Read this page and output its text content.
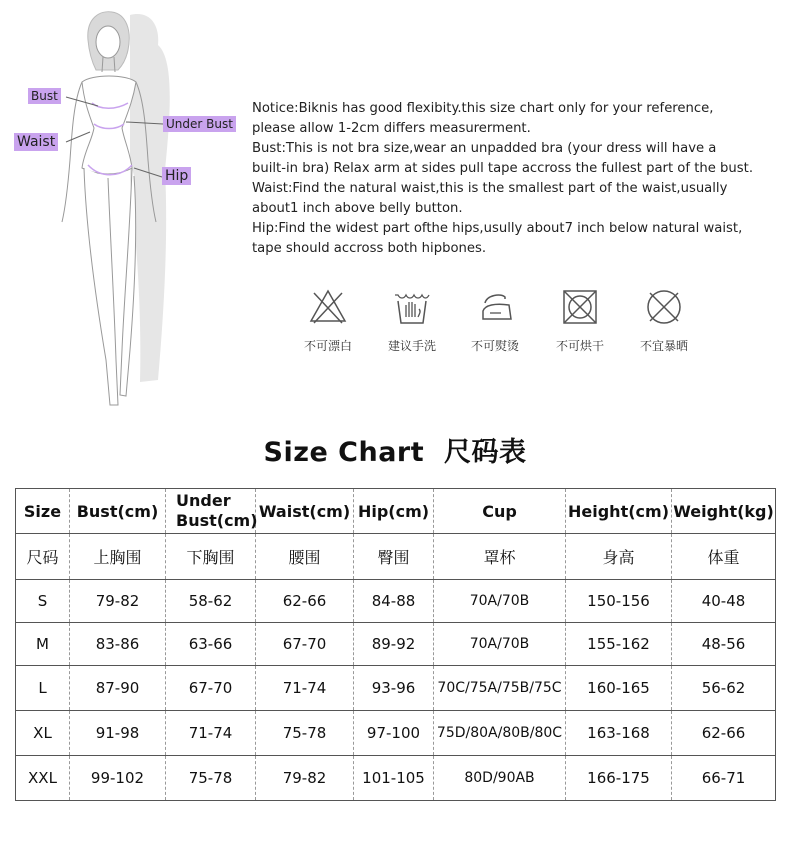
Bust
Waist
Under Bust
Hip

Notice:Biknis has good flexibity.this size chart only for your reference,

please allow 1-2cm differs measurerment.

Bust:This is not bra size,wear an unpadded bra (your dress will have a

built-in bra) Relax arm at sides pull tape accross the fullest part of the bust.

Waist:Find the natural waist,this is the smallest part of the waist,usually

about1 inch above belly button.

Hip:Find the widest part ofthe hips,usully about7 inch below natural waist,

tape should accross both hipbones.

不可漂白	建议手洗	不可熨烫	不可烘干	不宜暴晒
Size Chart  尺码表
Size	Bust(cm)	Under
Bust(cm)	Waist(cm)	Hip(cm)	Cup	Height(cm)	Weight(kg)
尺码	上胸围	下胸围	腰围	臀围	罩杯	身高	体重
S	79-82	58-62	62-66	84-88	70A/70B	150-156	40-48
M	83-86	63-66	67-70	89-92	70A/70B	155-162	48-56
L	87-90	67-70	71-74	93-96	70C/75A/75B/75C	160-165	56-62
XL	91-98	71-74	75-78	97-100	75D/80A/80B/80C	163-168	62-66
XXL	99-102	75-78	79-82	101-105	80D/90AB	166-175	66-71
